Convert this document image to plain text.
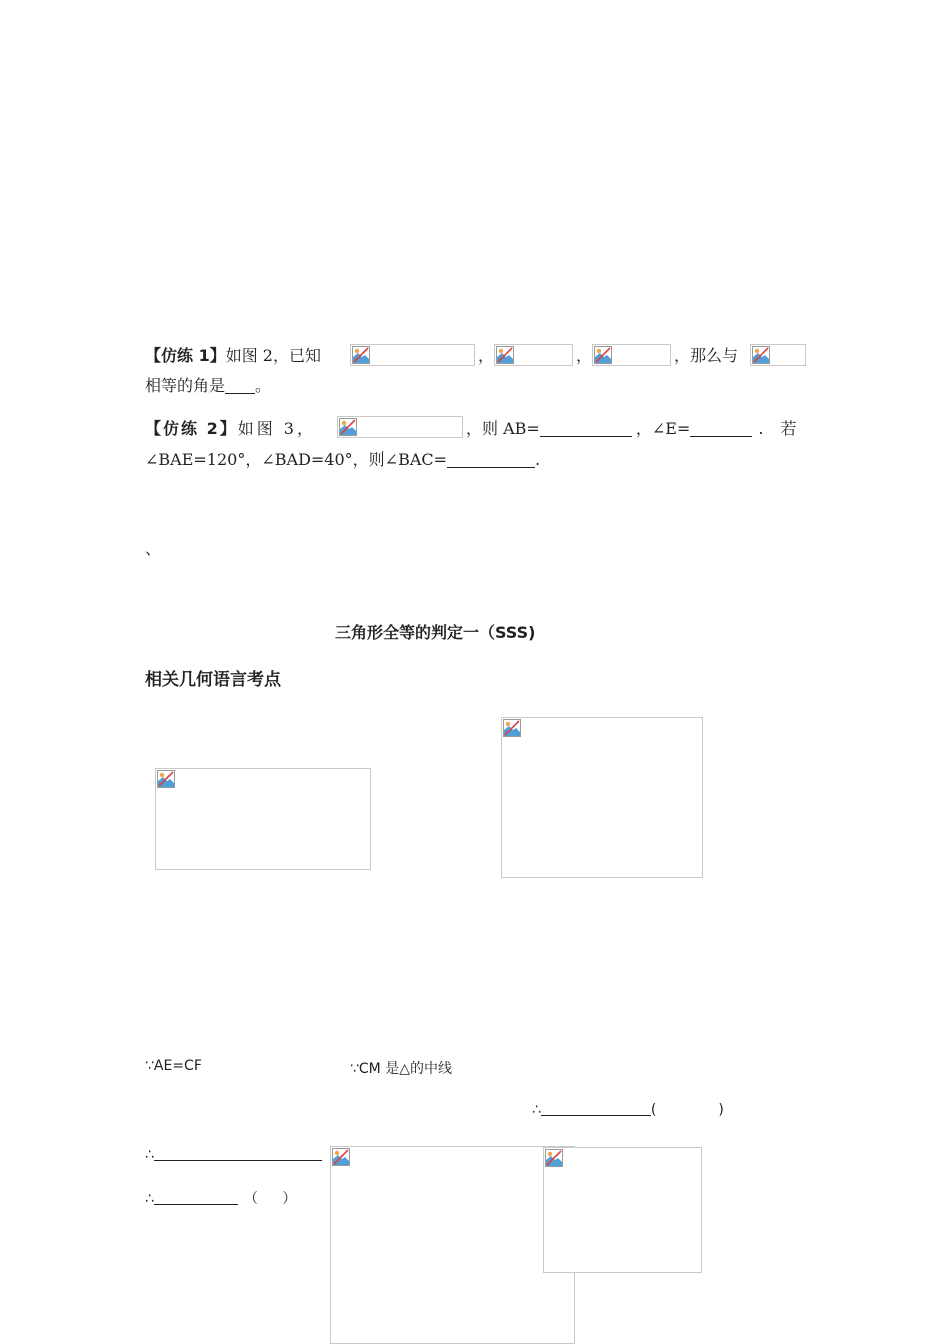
【仿练 1】如图 2，已知	，	，	，那么与
相等的角是 。
【仿练 2】如图 3，	，则 AB=	，∠E=	. 若
∠BAE=120°，∠BAD=40°，则∠BAC=	.
、
三角形全等的判定一（SSS)
相关几何语言考点
∵AE=CF	∵CM 是△的中线
∴	(	)
∴
∴	（ ）
